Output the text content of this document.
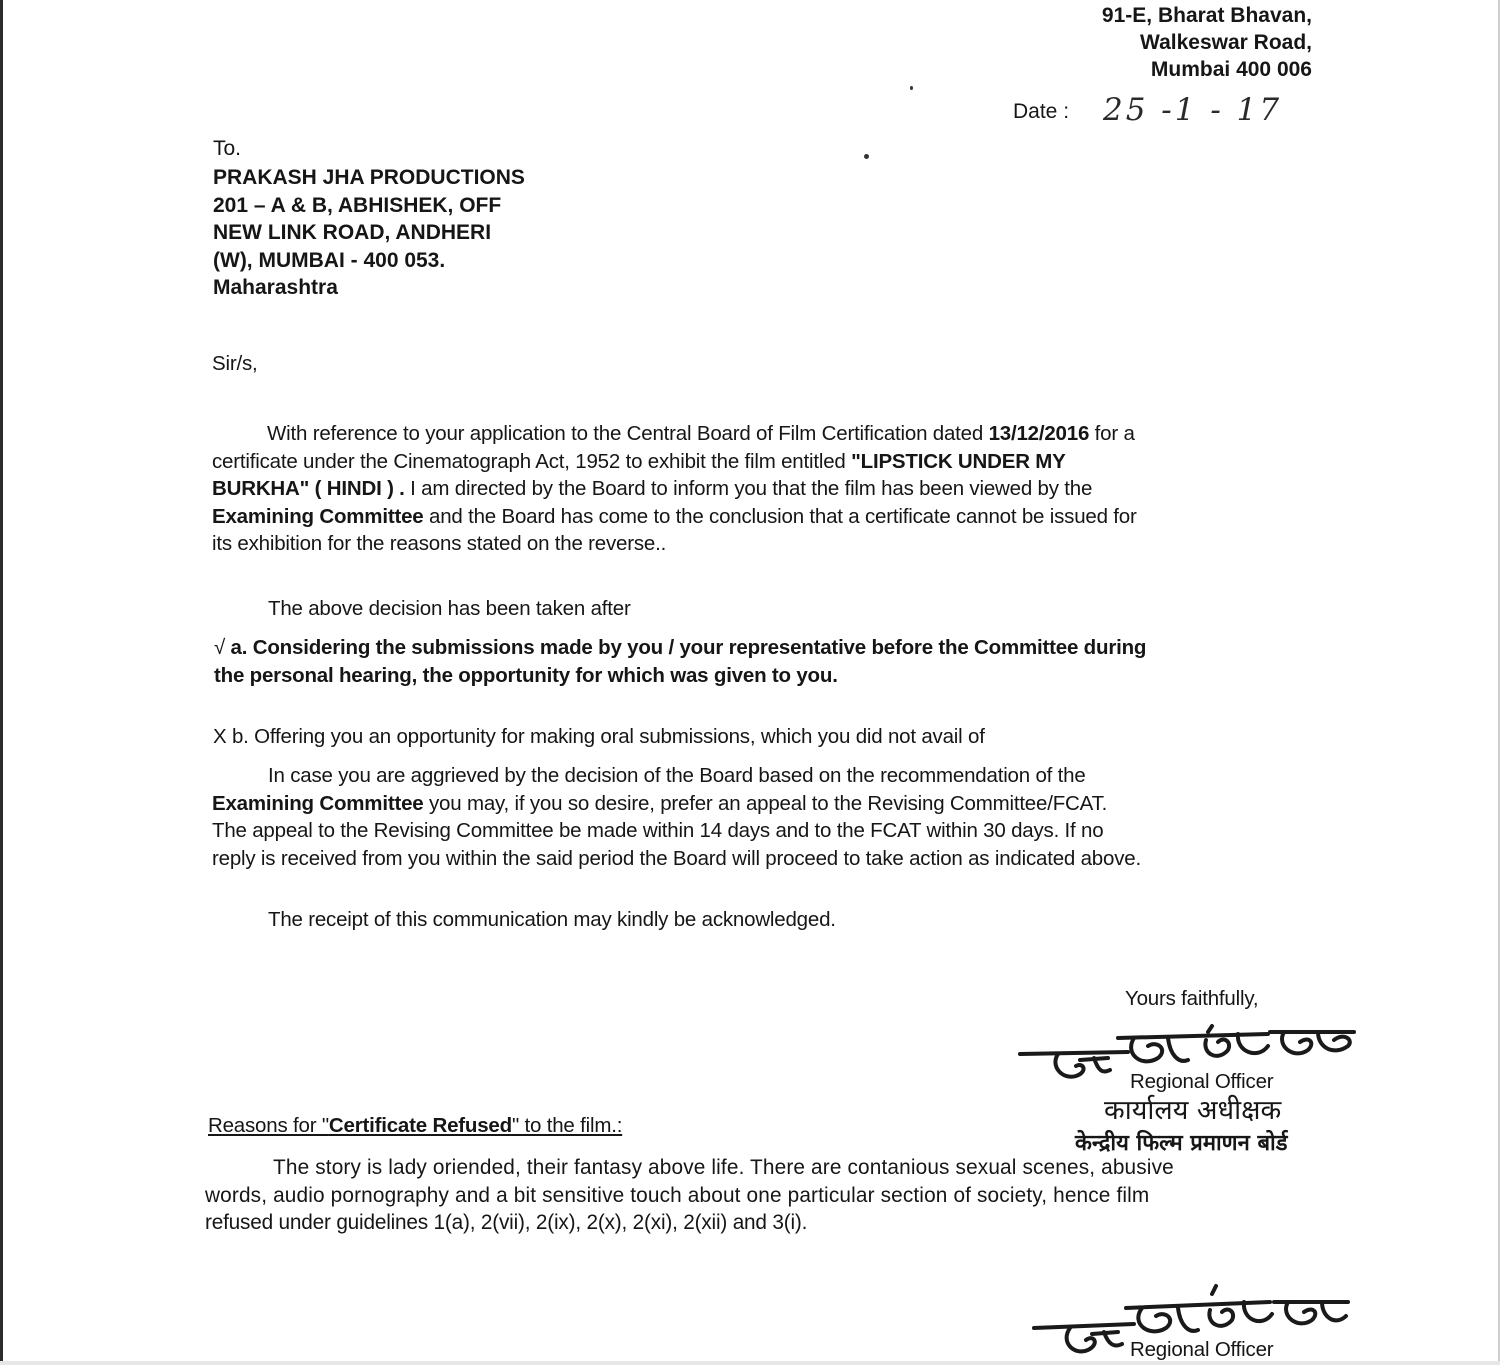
91-E, Bharat Bhavan,
Walkeswar Road,
Mumbai 400 006
Date : 25 -1 - 17
To.
PRAKASH JHA PRODUCTIONS
201 – A & B, ABHISHEK, OFF
NEW LINK ROAD, ANDHERI
(W), MUMBAI - 400 053.
Maharashtra
Sir/s,
With reference to your application to the Central Board of Film Certification dated 13/12/2016 for a
certificate under the Cinematograph Act, 1952 to exhibit the film entitled "LIPSTICK UNDER MY
BURKHA" ( HINDI ) . I am directed by the Board to inform you that the film has been viewed by the
Examining Committee and the Board has come to the conclusion that a certificate cannot be issued for
its exhibition for the reasons stated on the reverse..
The above decision has been taken after
√ a. Considering the submissions made by you / your representative before the Committee during
the personal hearing, the opportunity for which was given to you.
X b. Offering you an opportunity for making oral submissions, which you did not avail of
In case you are aggrieved by the decision of the Board based on the recommendation of the
Examining Committee you may, if you so desire, prefer an appeal to the Revising Committee/FCAT.
The appeal to the Revising Committee be made within 14 days and to the FCAT within 30 days. If no
reply is received from you within the said period the Board will proceed to take action as indicated above.
The receipt of this communication may kindly be acknowledged.
Yours faithfully,
Regional Officer
कार्यालय अधीक्षक
केन्द्रीय फिल्म प्रमाणन बोर्ड
Reasons for "Certificate Refused" to the film.:
The story is lady oriended, their fantasy above life. There are contanious sexual scenes, abusive
words, audio pornography and a bit sensitive touch about one particular section of society, hence film
refused under guidelines 1(a), 2(vii), 2(ix), 2(x), 2(xi), 2(xii) and 3(i).
Regional Officer
